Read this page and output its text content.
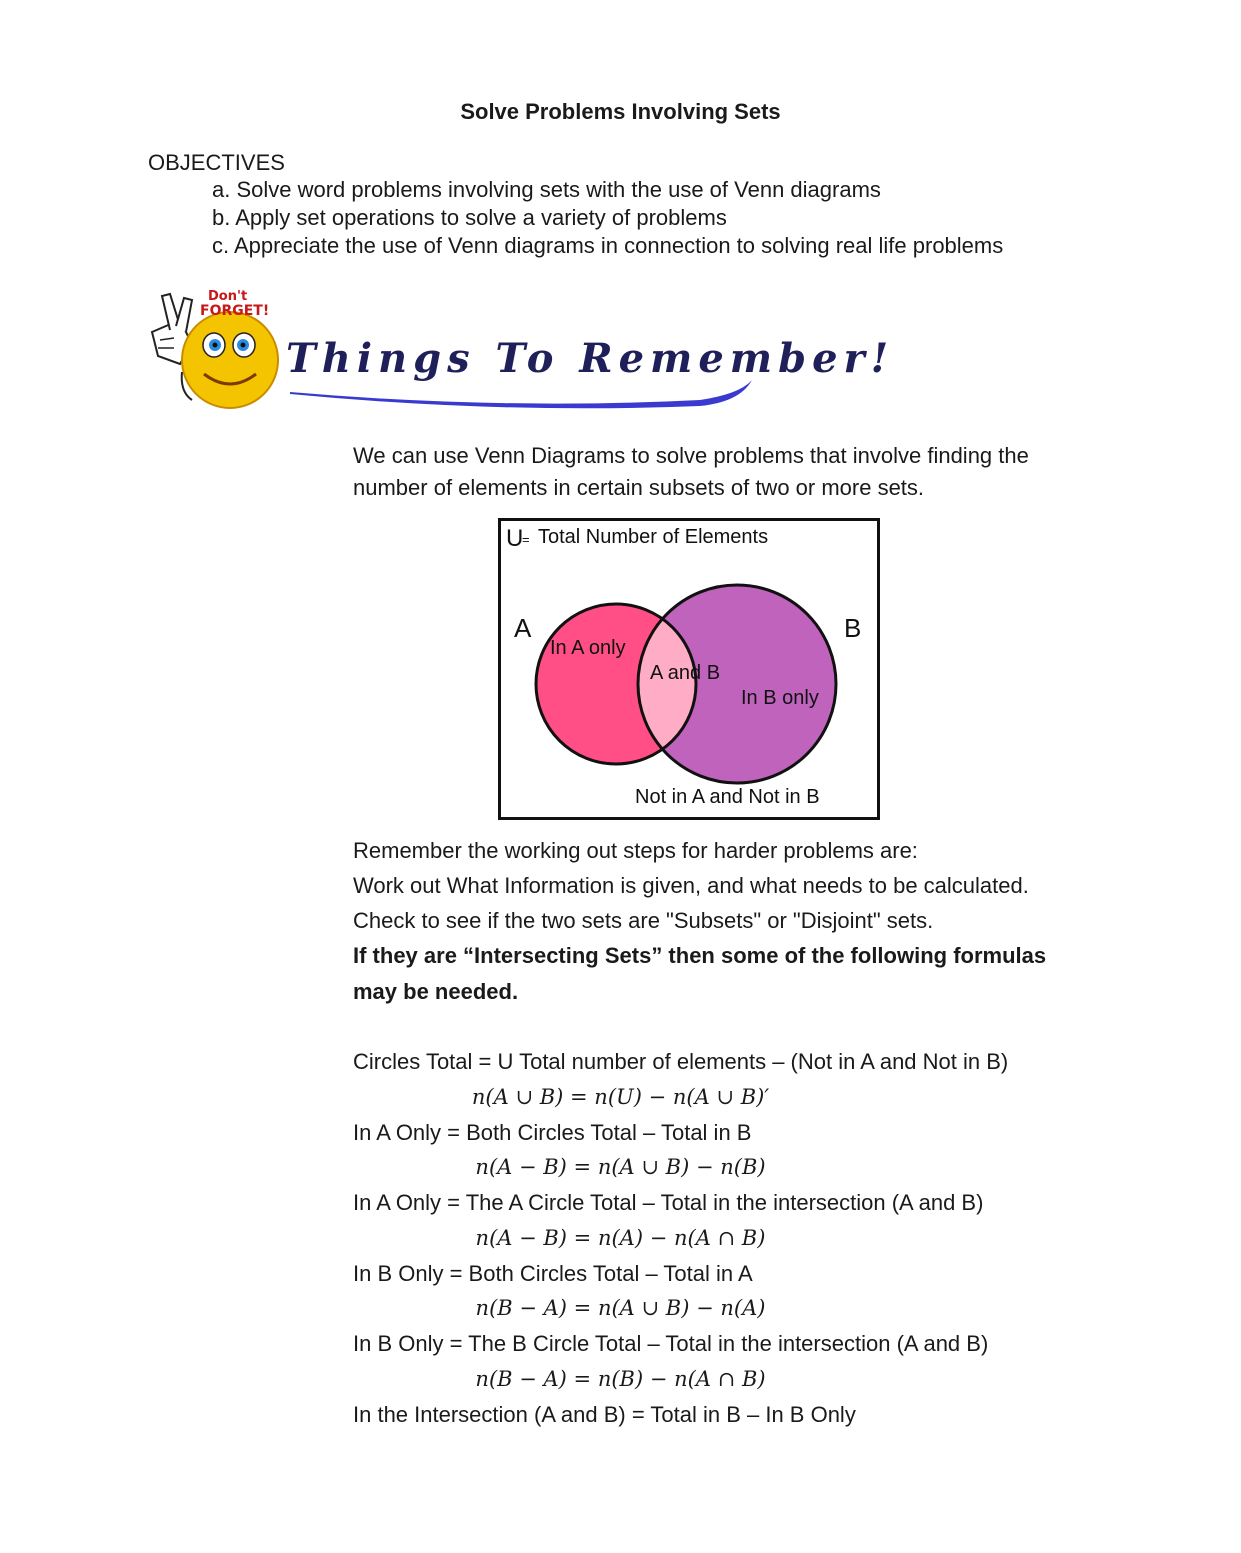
Solve Problems Involving Sets
OBJECTIVES
a. Solve word problems involving sets with the use of Venn diagrams
b. Apply set operations to solve a variety of problems
c. Appreciate the use of Venn diagrams in connection to solving real life problems
Don't
FORGET!
Things To Remember!
We can use Venn Diagrams to solve problems that involve finding the
number of elements in certain subsets of two or more sets.
U
= Total Number of Elements
A	B
In A only
A and B
In B only
Not in A and Not in B
Remember the working out steps for harder problems are:
Work out What Information is given, and what needs to be calculated.
Check to see if the two sets are "Subsets" or "Disjoint" sets.
If they are “Intersecting Sets” then some of the following formulas
may be needed.
Circles Total = U Total number of elements – (Not in A and Not in B)
n(A ∪ B) = n(U) − n(A ∪ B)′
In A Only = Both Circles Total – Total in B
n(A − B) = n(A ∪ B) − n(B)
In A Only = The A Circle Total – Total in the intersection (A and B)
n(A − B) = n(A) − n(A ∩ B)
In B Only = Both Circles Total – Total in A
n(B − A) = n(A ∪ B) − n(A)
In B Only = The B Circle Total – Total in the intersection (A and B)
n(B − A) = n(B) − n(A ∩ B)
In the Intersection (A and B) = Total in B – In B Only
